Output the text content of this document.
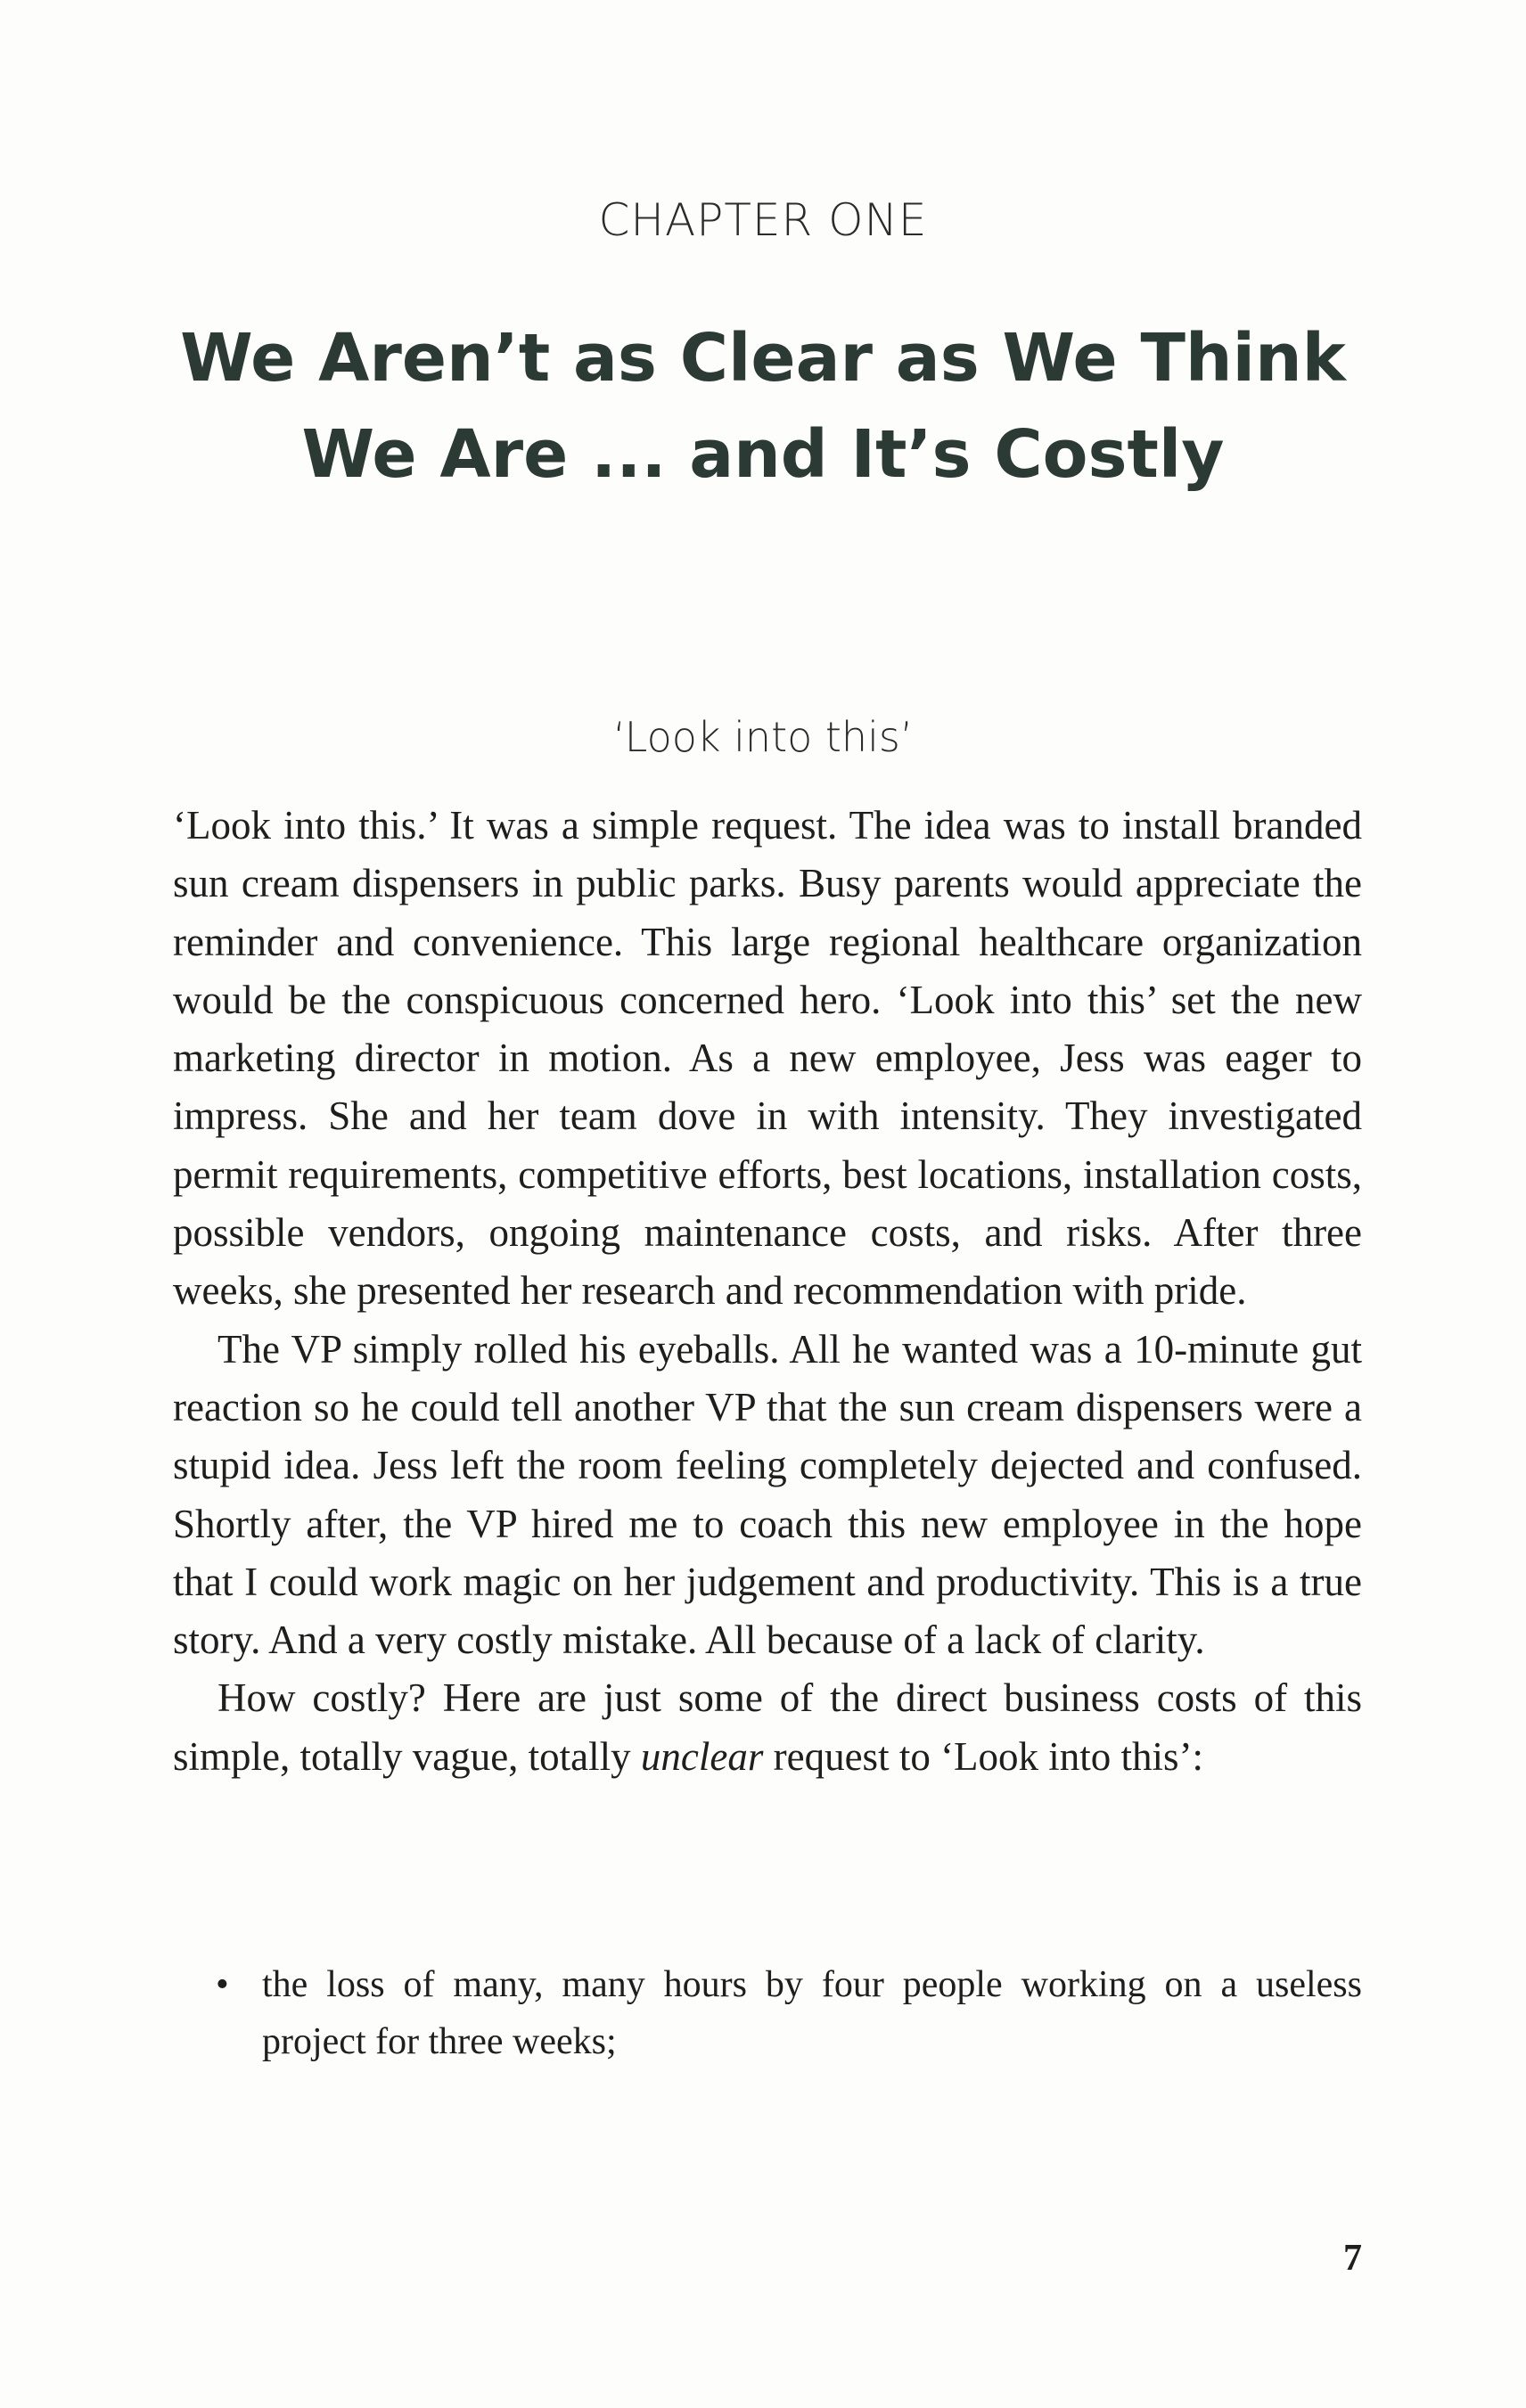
CHAPTER ONE
We Aren’t as Clear as We Think
We Are ... and It’s Costly
‘Look into this’

‘Look into this.’ It was a simple request. The idea was to install branded sun cream dispensers in public parks. Busy parents would appreciate the reminder and convenience. This large regional healthcare organization would be the conspicuous concerned hero. ‘Look into this’ set the new marketing director in motion. As a new employee, Jess was eager to impress. She and her team dove in with intensity. They investigated permit requirements, competitive efforts, best locations, installation costs, possible vendors, ongoing maintenance costs, and risks. After three weeks, she presented her research and recommendation with pride.

The VP simply rolled his eyeballs. All he wanted was a 10-minute gut reaction so he could tell another VP that the sun cream dispensers were a stupid idea. Jess left the room feeling completely dejected and confused. Shortly after, the VP hired me to coach this new employee in the hope that I could work magic on her judgement and productivity. This is a true story. And a very costly mistake. All because of a lack of clarity.

How costly? Here are just some of the direct business costs of this simple, totally vague, totally unclear request to ‘Look into this’:

• the loss of many, many hours by four people working on a useless project for three weeks;
7
